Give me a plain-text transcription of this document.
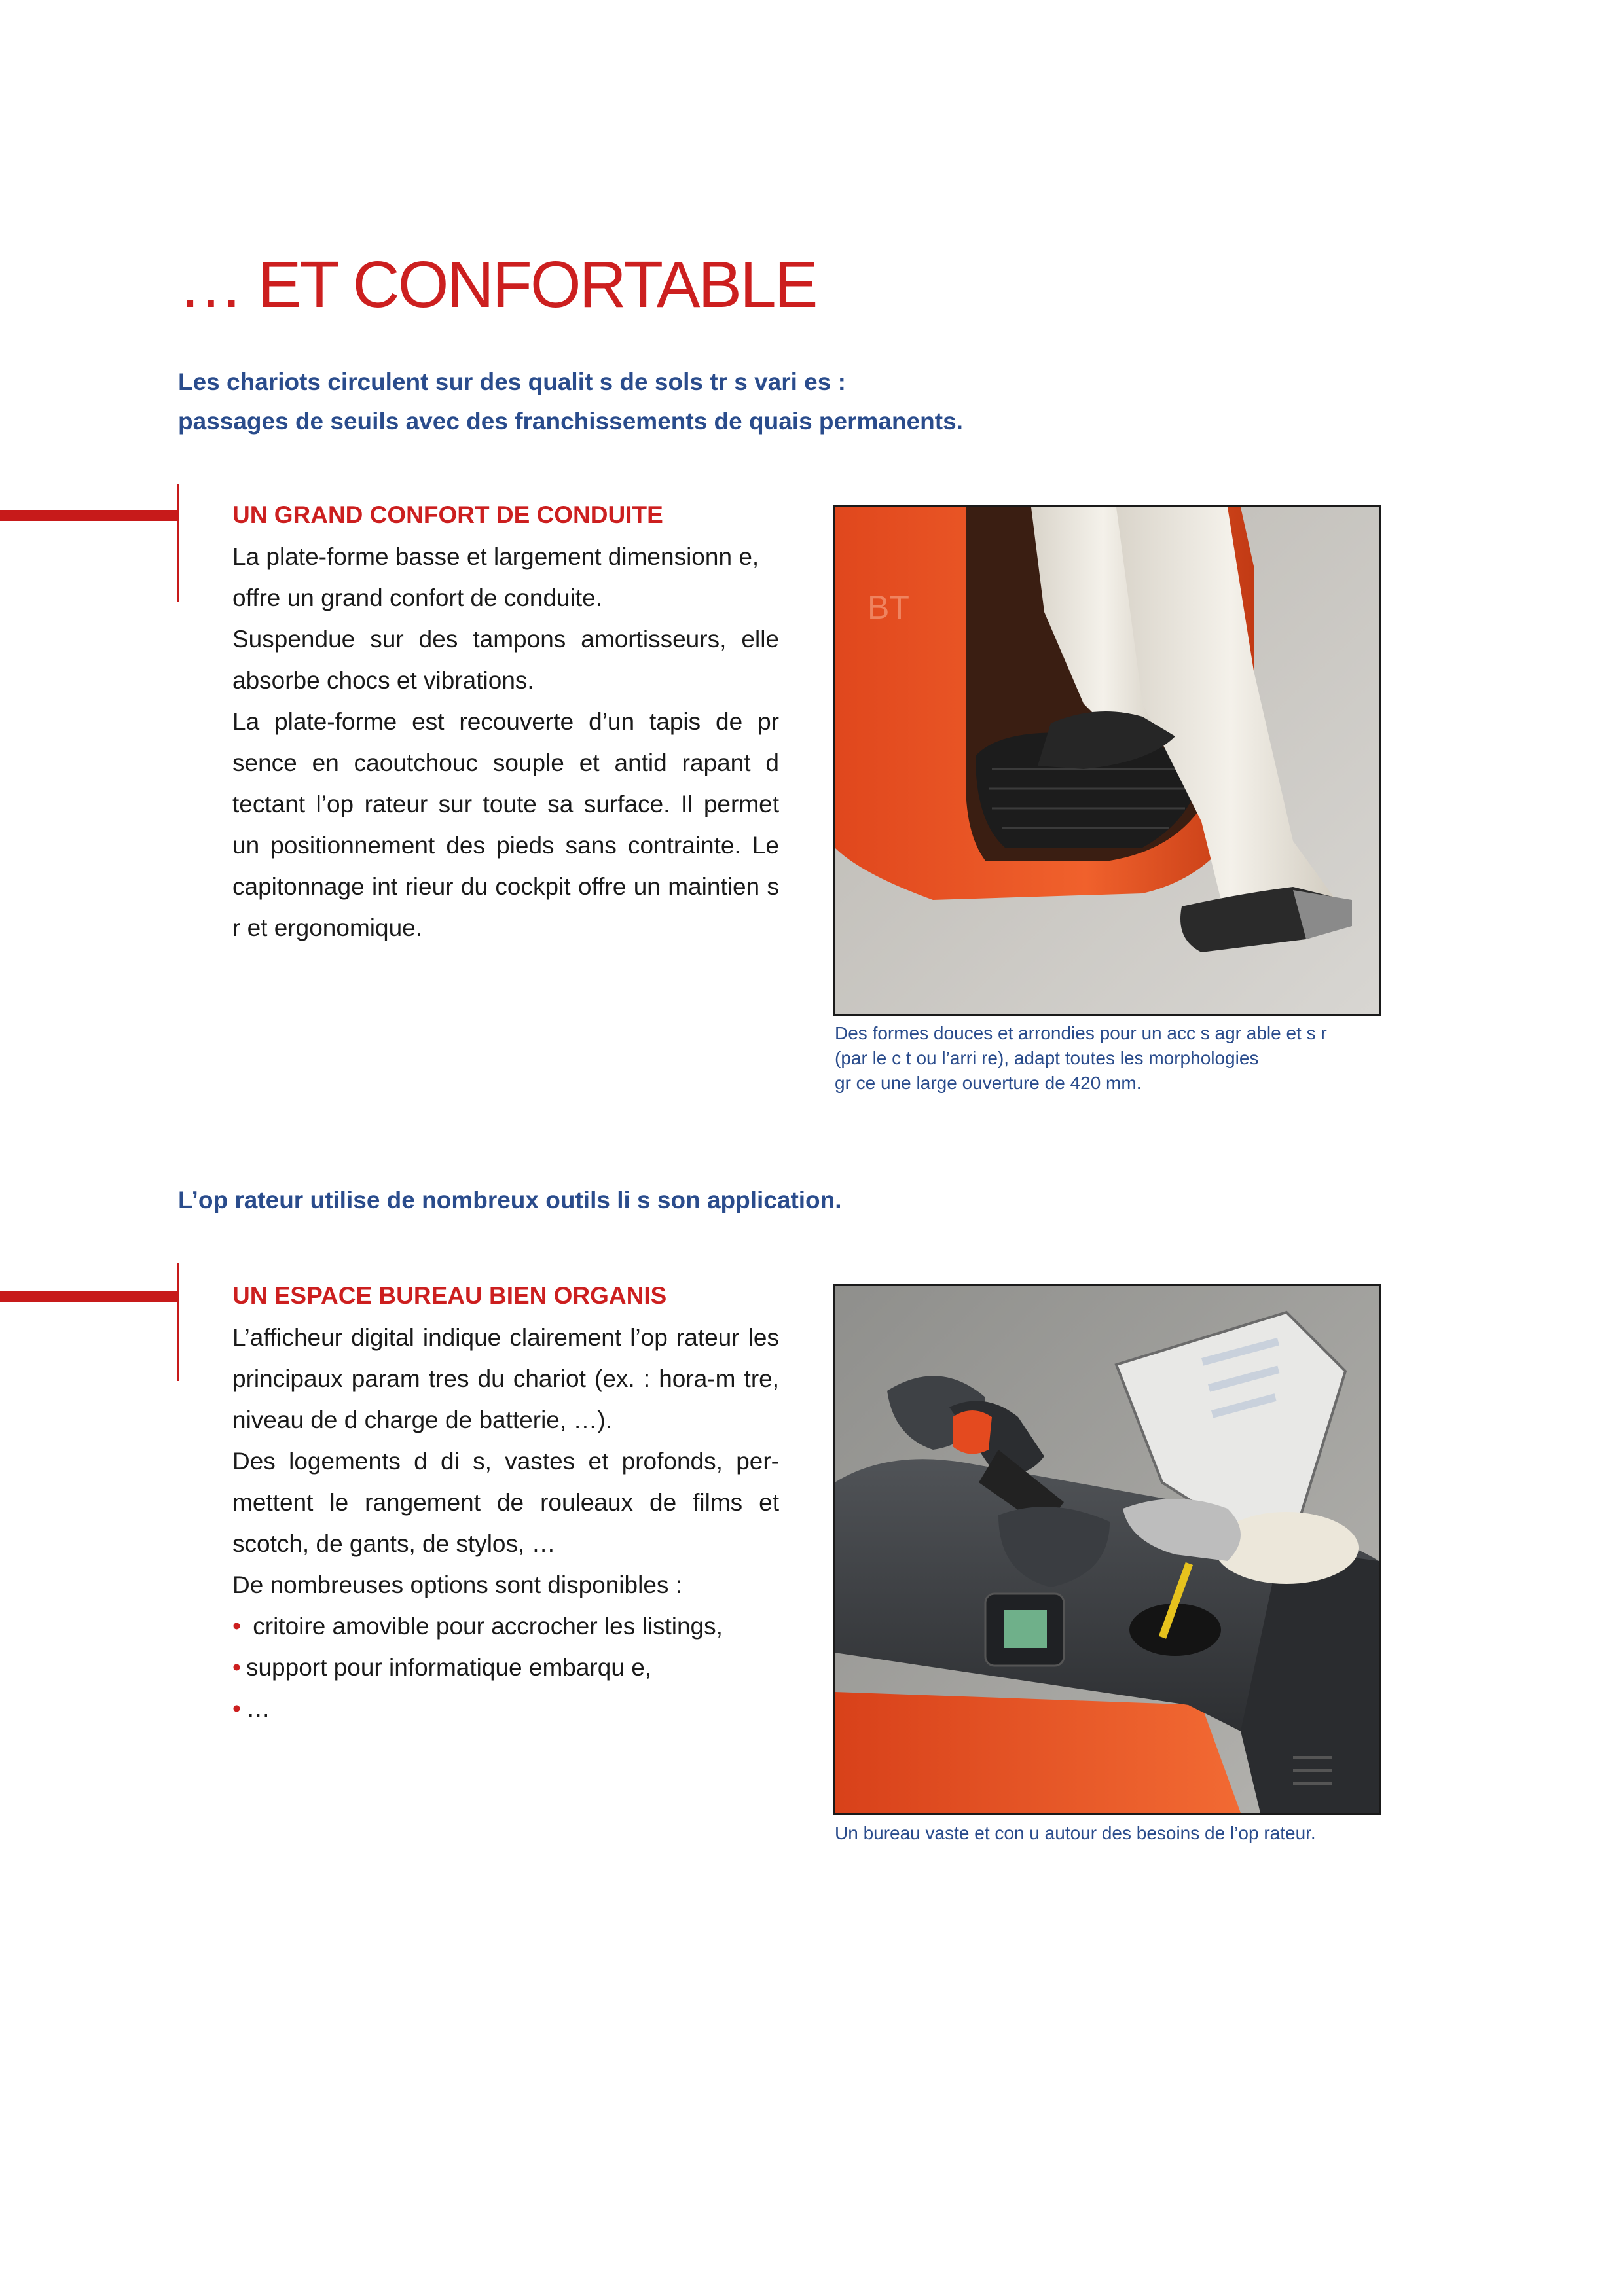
… ET CONFORTABLE
Les chariots circulent sur des qualit s de sols tr s vari es :
passages de seuils avec des franchissements de quais permanents.
UN GRAND CONFORT DE CONDUITE

La plate-forme basse et largement dimensionn e,
offre un grand confort de conduite.

Suspendue sur des tampons amortisseurs, elle absorbe chocs et vibrations.

La plate-forme est recouverte d’un tapis de pr sence en caoutchouc souple et antid rapant d tectant l’op rateur sur toute sa surface. Il permet un positionnement des pieds sans contrainte. Le capitonnage int rieur du cockpit offre un maintien s r et ergonomique.

BT
Des formes douces et arrondies pour un acc s agr able et s r
(par le c t ou l’arri re), adapt toutes les morphologies
gr ce une large ouverture de 420 mm.
L’op rateur utilise de nombreux outils li s son application.
UN ESPACE BUREAU BIEN ORGANIS

L’afficheur digital indique clairement l’op rateur les principaux param tres du chariot (ex. : hora-m tre, niveau de d charge de batterie, …).

Des logements d di s, vastes et profonds, per-mettent le rangement de rouleaux de films et scotch, de gants, de stylos, …

De nombreuses options sont disponibles :

• critoire amovible pour accrocher les listings,
• support pour informatique embarqu e,
• …
Un bureau vaste et con u autour des besoins de l’op rateur.
